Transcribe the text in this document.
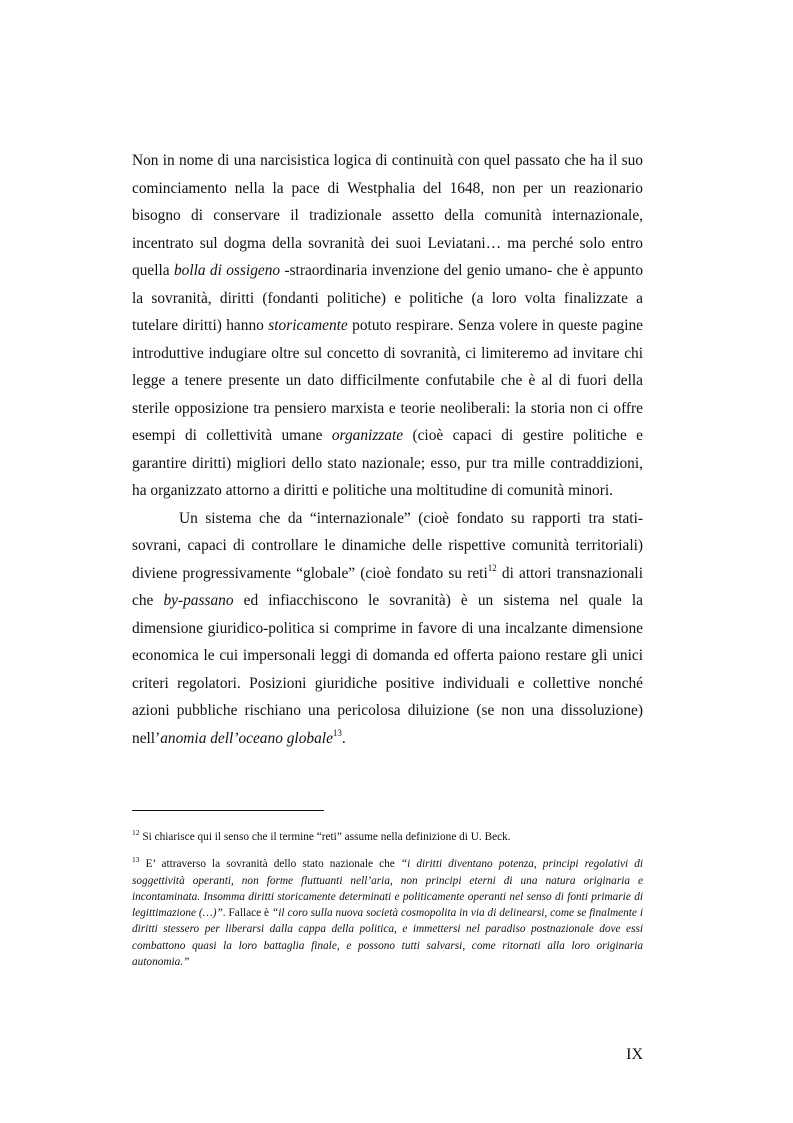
Non in nome di una narcisistica logica di continuità con quel passato che ha il suo cominciamento nella la pace di Westphalia del 1648, non per un reazionario bisogno di conservare il tradizionale assetto della comunità internazionale, incentrato sul dogma della sovranità dei suoi Leviatani… ma perché solo entro quella bolla di ossigeno -straordinaria invenzione del genio umano- che è appunto la sovranità, diritti (fondanti politiche) e politiche (a loro volta finalizzate a tutelare diritti) hanno storicamente potuto respirare. Senza volere in queste pagine introduttive indugiare oltre sul concetto di sovranità, ci limiteremo ad invitare chi legge a tenere presente un dato difficilmente confutabile che è al di fuori della sterile opposizione tra pensiero marxista e teorie neoliberali: la storia non ci offre esempi di collettività umane organizzate (cioè capaci di gestire politiche e garantire diritti) migliori dello stato nazionale; esso, pur tra mille contraddizioni, ha organizzato attorno a diritti e politiche una moltitudine di comunità minori.

Un sistema che da “internazionale” (cioè fondato su rapporti tra stati-sovrani, capaci di controllare le dinamiche delle rispettive comunità territoriali) diviene progressivamente “globale” (cioè fondato su reti$^{12}$ di attori transnazionali che by-passano ed infiacchiscono le sovranità) è un sistema nel quale la dimensione giuridico-politica si comprime in favore di una incalzante dimensione economica le cui impersonali leggi di domanda ed offerta paiono restare gli unici criteri regolatori. Posizioni giuridiche positive individuali e collettive nonché azioni pubbliche rischiano una pericolosa diluizione (se non una dissoluzione) nell’anomia dell’oceano globale$^{13}$.

$^{12}$ Si chiarisce qui il senso che il termine “reti” assume nella definizione di U. Beck.

$^{13}$ E’ attraverso la sovranità dello stato nazionale che “i diritti diventano potenza, principi regolativi di soggettività operanti, non forme fluttuanti nell’aria, non principi eterni di una natura originaria e incontaminata. Insomma diritti storicamente determinati e politicamente operanti nel senso di fonti primarie di legittimazione (…)”. Fallace è “il coro sulla nuova società cosmopolita in via di delinearsi, come se finalmente i diritti stessero per liberarsi dalla cappa della politica, e immettersi nel paradiso postnazionale dove essi combattono quasi la loro battaglia finale, e possono tutti salvarsi, come ritornati alla loro originaria autonomia.”

IX
